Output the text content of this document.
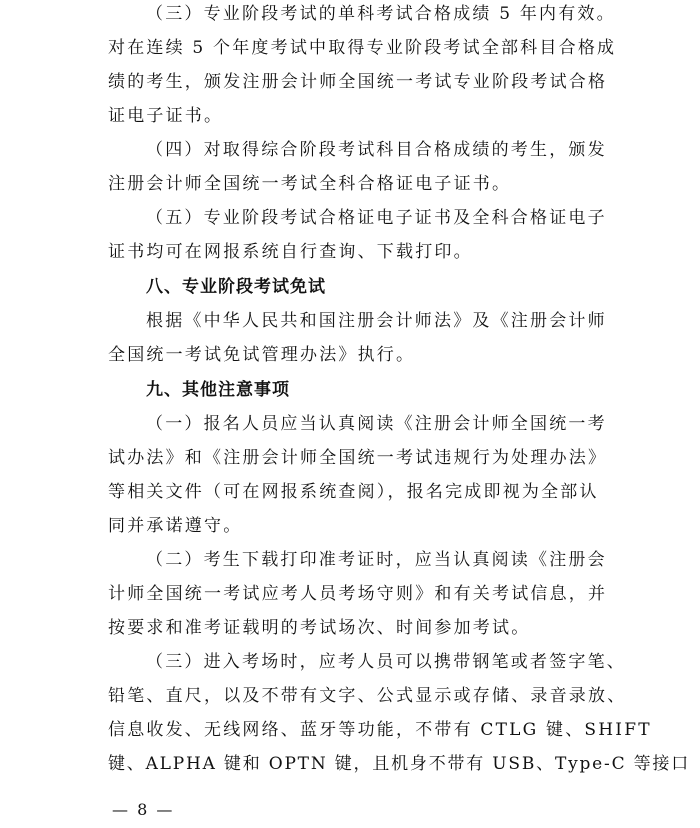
（三）专业阶段考试的单科考试合格成绩 5 年内有效。
对在连续 5 个年度考试中取得专业阶段考试全部科目合格成
绩的考生，颁发注册会计师全国统一考试专业阶段考试合格
证电子证书。
（四）对取得综合阶段考试科目合格成绩的考生，颁发
注册会计师全国统一考试全科合格证电子证书。
（五）专业阶段考试合格证电子证书及全科合格证电子
证书均可在网报系统自行查询、下载打印。
八、专业阶段考试免试
根据《中华人民共和国注册会计师法》及《注册会计师
全国统一考试免试管理办法》执行。
九、其他注意事项
（一）报名人员应当认真阅读《注册会计师全国统一考
试办法》和《注册会计师全国统一考试违规行为处理办法》
等相关文件（可在网报系统查阅），报名完成即视为全部认
同并承诺遵守。
（二）考生下载打印准考证时，应当认真阅读《注册会
计师全国统一考试应考人员考场守则》和有关考试信息，并
按要求和准考证载明的考试场次、时间参加考试。
（三）进入考场时，应考人员可以携带钢笔或者签字笔、
铅笔、直尺，以及不带有文字、公式显示或存储、录音录放、
信息收发、无线网络、蓝牙等功能，不带有 CTLG 键、SHIFT
键、ALPHA 键和 OPTN 键，且机身不带有 USB、Type-C 等接口
— 8 —
